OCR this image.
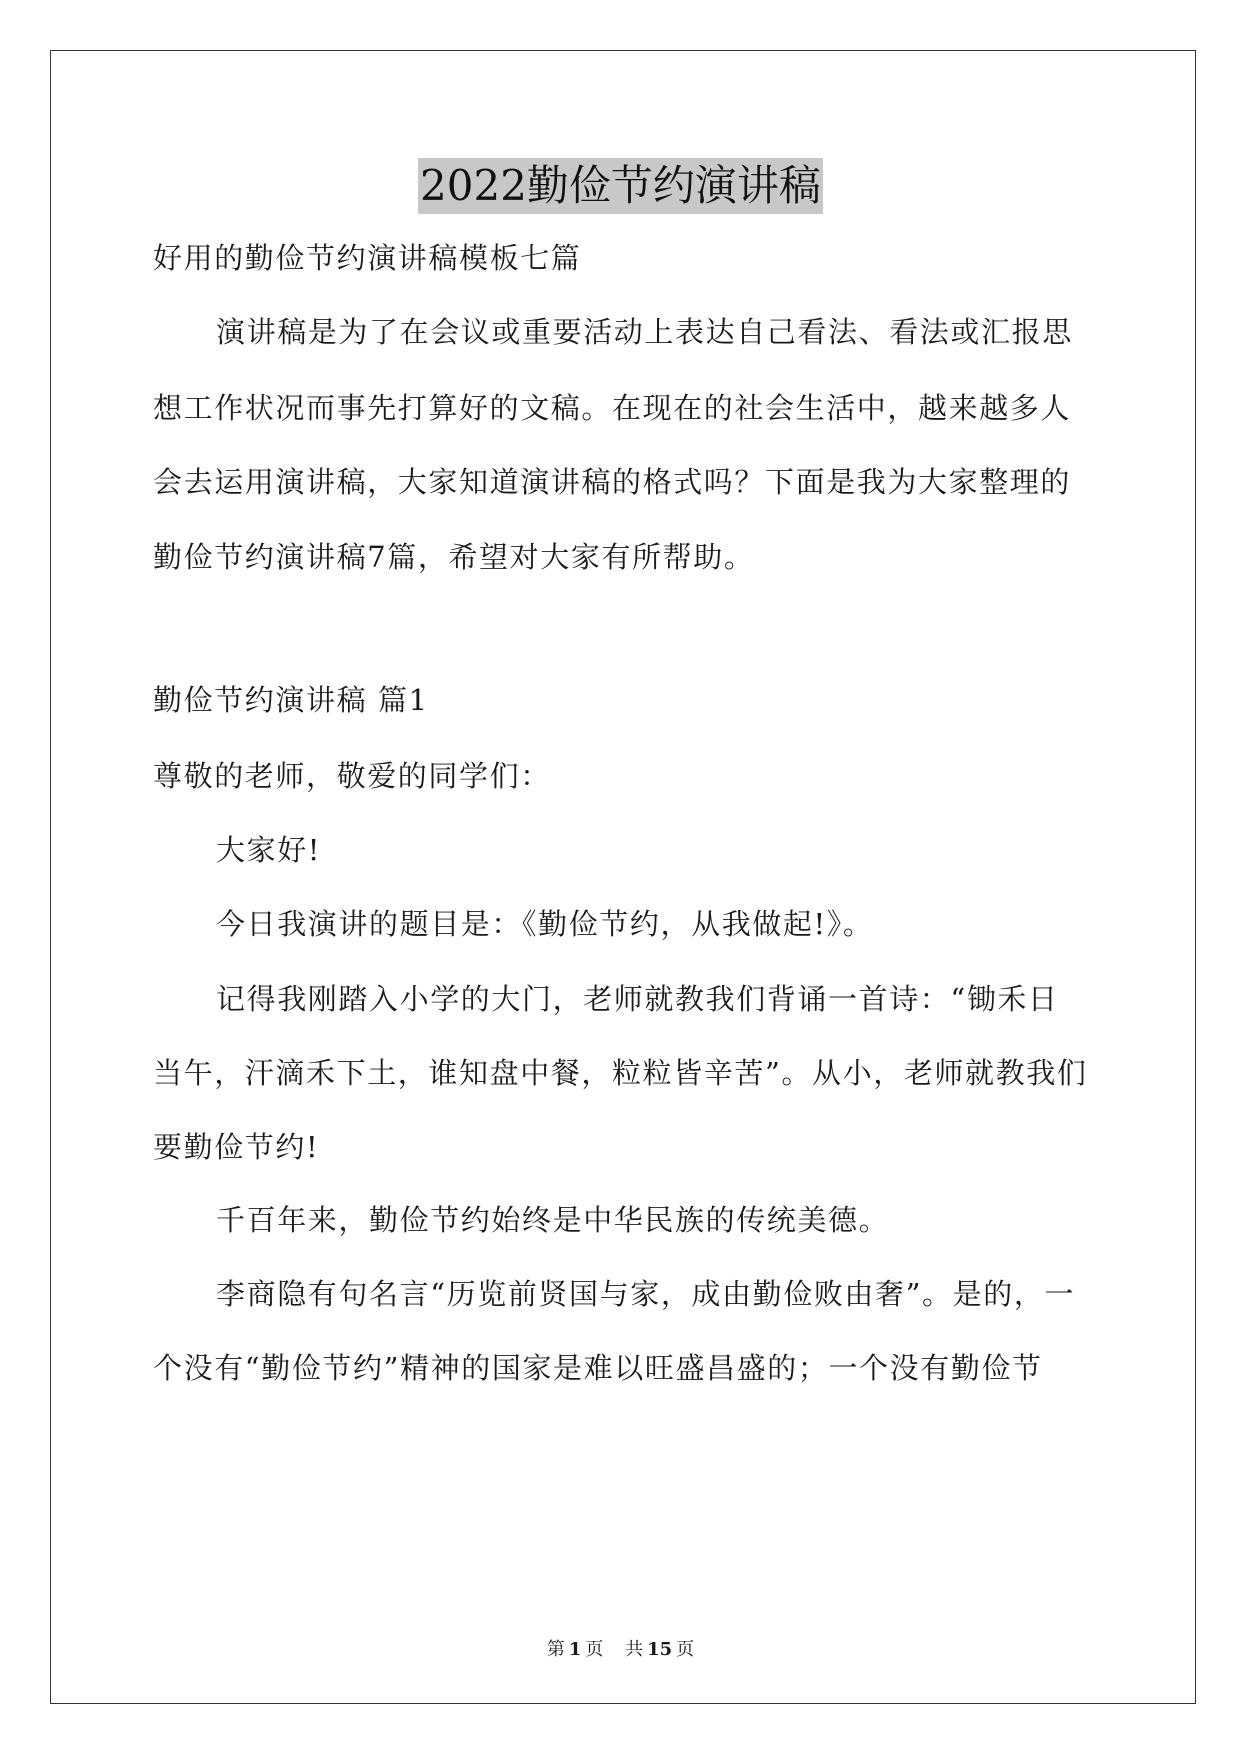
2022勤俭节约演讲稿
好用的勤俭节约演讲稿模板七篇
演讲稿是为了在会议或重要活动上表达自己看法、看法或汇报思
想工作状况而事先打算好的文稿。在现在的社会生活中，越来越多人
会去运用演讲稿，大家知道演讲稿的格式吗？下面是我为大家整理的
勤俭节约演讲稿7篇，希望对大家有所帮助。
勤俭节约演讲稿 篇1
尊敬的老师，敬爱的同学们：
大家好!
今日我演讲的题目是：《勤俭节约，从我做起!》。
记得我刚踏入小学的大门，老师就教我们背诵一首诗：“锄禾日
当午，汗滴禾下土，谁知盘中餐，粒粒皆辛苦”。从小，老师就教我们
要勤俭节约!
千百年来，勤俭节约始终是中华民族的传统美德。
李商隐有句名言“历览前贤国与家，成由勤俭败由奢”。是的，一
个没有“勤俭节约”精神的国家是难以旺盛昌盛的；一个没有勤俭节
第 1 页 共 15 页
